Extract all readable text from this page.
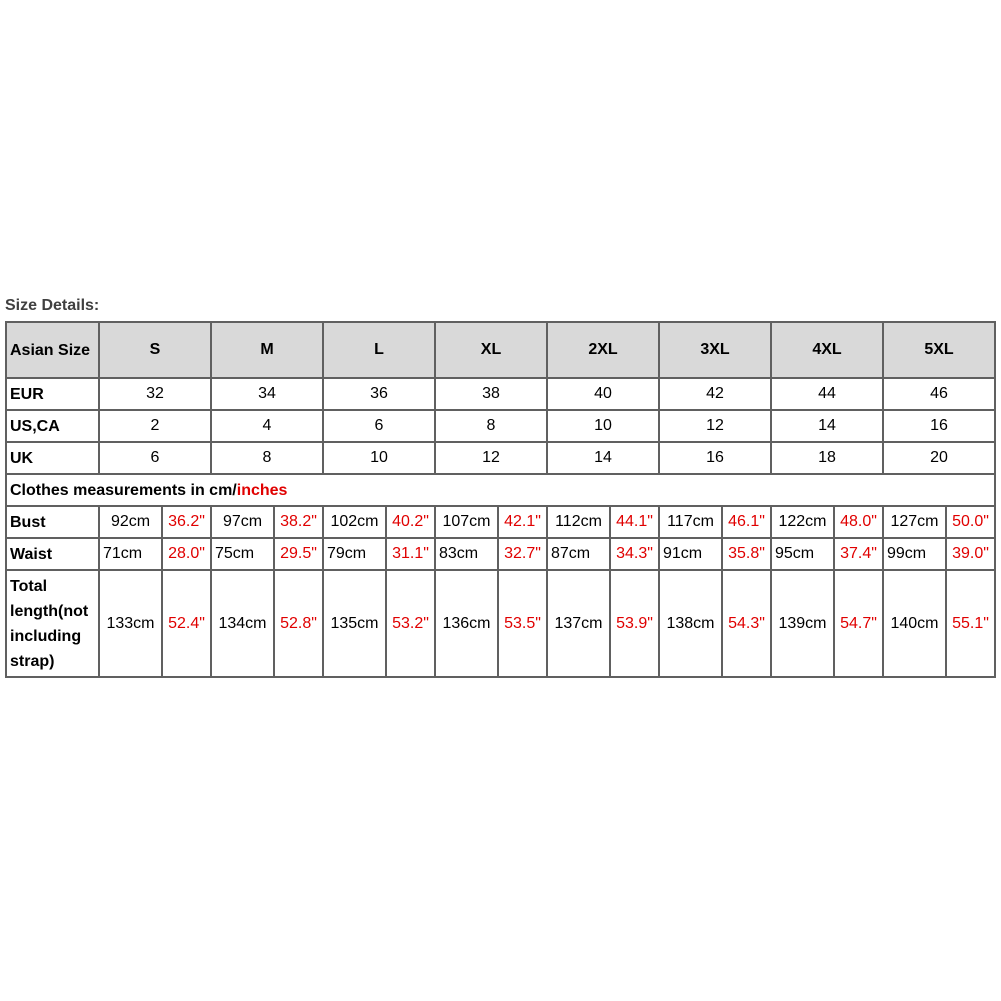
Size Details:
Asian Size	S		M		L		XL		2XL		3XL		4XL		5XL	
EUR	32		34		36		38		40		42		44		46	
US,CA	2		4		6		8		10		12		14		16	
UK	6		8		10		12		14		16		18		20	
Clothes measurements in cm/inches																
Bust	92cm	36.2"	97cm	38.2"	102cm	40.2"	107cm	42.1"	112cm	44.1"	117cm	46.1"	122cm	48.0"	127cm	50.0"
Waist	71cm	28.0"	75cm	29.5"	79cm	31.1"	83cm	32.7"	87cm	34.3"	91cm	35.8"	95cm	37.4"	99cm	39.0"
Total length(not including strap)	133cm	52.4"	134cm	52.8"	135cm	53.2"	136cm	53.5"	137cm	53.9"	138cm	54.3"	139cm	54.7"	140cm	55.1"
